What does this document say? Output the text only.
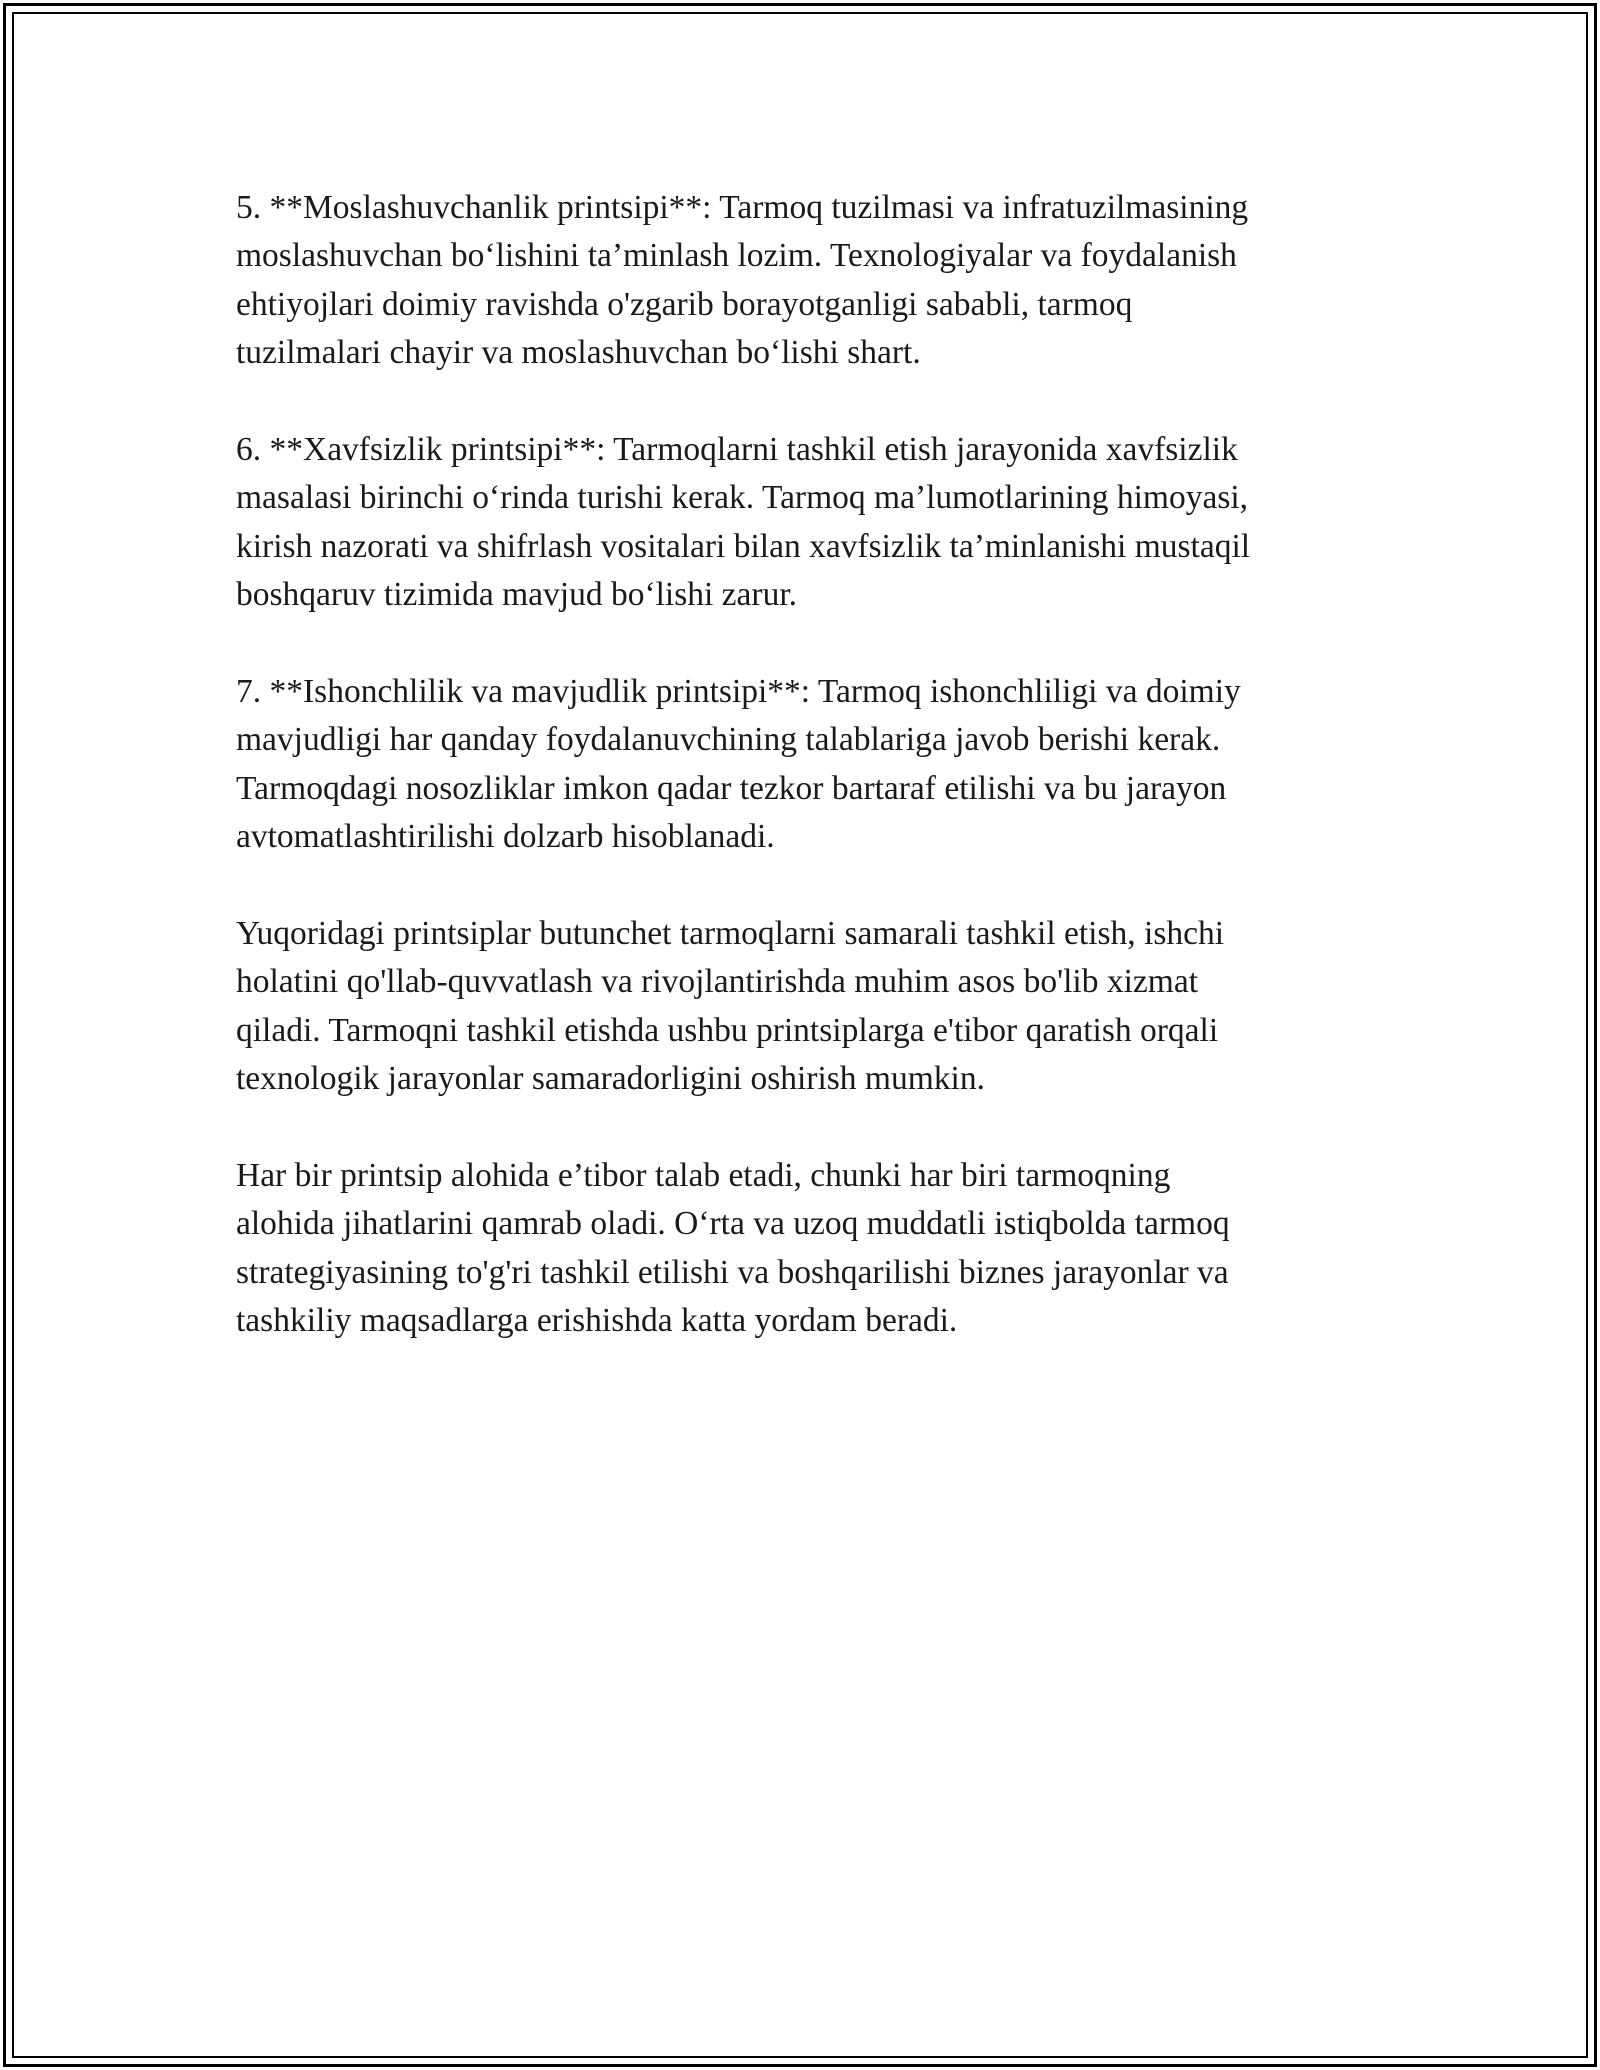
5. **Moslashuvchanlik printsipi**: Tarmoq tuzilmasi va infratuzilmasining
moslashuvchan bo‘lishini ta’minlash lozim. Texnologiyalar va foydalanish
ehtiyojlari doimiy ravishda o'zgarib borayotganligi sababli, tarmoq
tuzilmalari chayir va moslashuvchan bo‘lishi shart.

6. **Xavfsizlik printsipi**: Tarmoqlarni tashkil etish jarayonida xavfsizlik
masalasi birinchi o‘rinda turishi kerak. Tarmoq ma’lumotlarining himoyasi,
kirish nazorati va shifrlash vositalari bilan xavfsizlik ta’minlanishi mustaqil
boshqaruv tizimida mavjud bo‘lishi zarur.

7. **Ishonchlilik va mavjudlik printsipi**: Tarmoq ishonchliligi va doimiy
mavjudligi har qanday foydalanuvchining talablariga javob berishi kerak.
Tarmoqdagi nosozliklar imkon qadar tezkor bartaraf etilishi va bu jarayon
avtomatlashtirilishi dolzarb hisoblanadi.

Yuqoridagi printsiplar butunchet tarmoqlarni samarali tashkil etish, ishchi
holatini qo'llab-quvvatlash va rivojlantirishda muhim asos bo'lib xizmat
qiladi. Tarmoqni tashkil etishda ushbu printsiplarga e'tibor qaratish orqali
texnologik jarayonlar samaradorligini oshirish mumkin.

Har bir printsip alohida e’tibor talab etadi, chunki har biri tarmoqning
alohida jihatlarini qamrab oladi. O‘rta va uzoq muddatli istiqbolda tarmoq
strategiyasining to'g'ri tashkil etilishi va boshqarilishi biznes jarayonlar va
tashkiliy maqsadlarga erishishda katta yordam beradi.
